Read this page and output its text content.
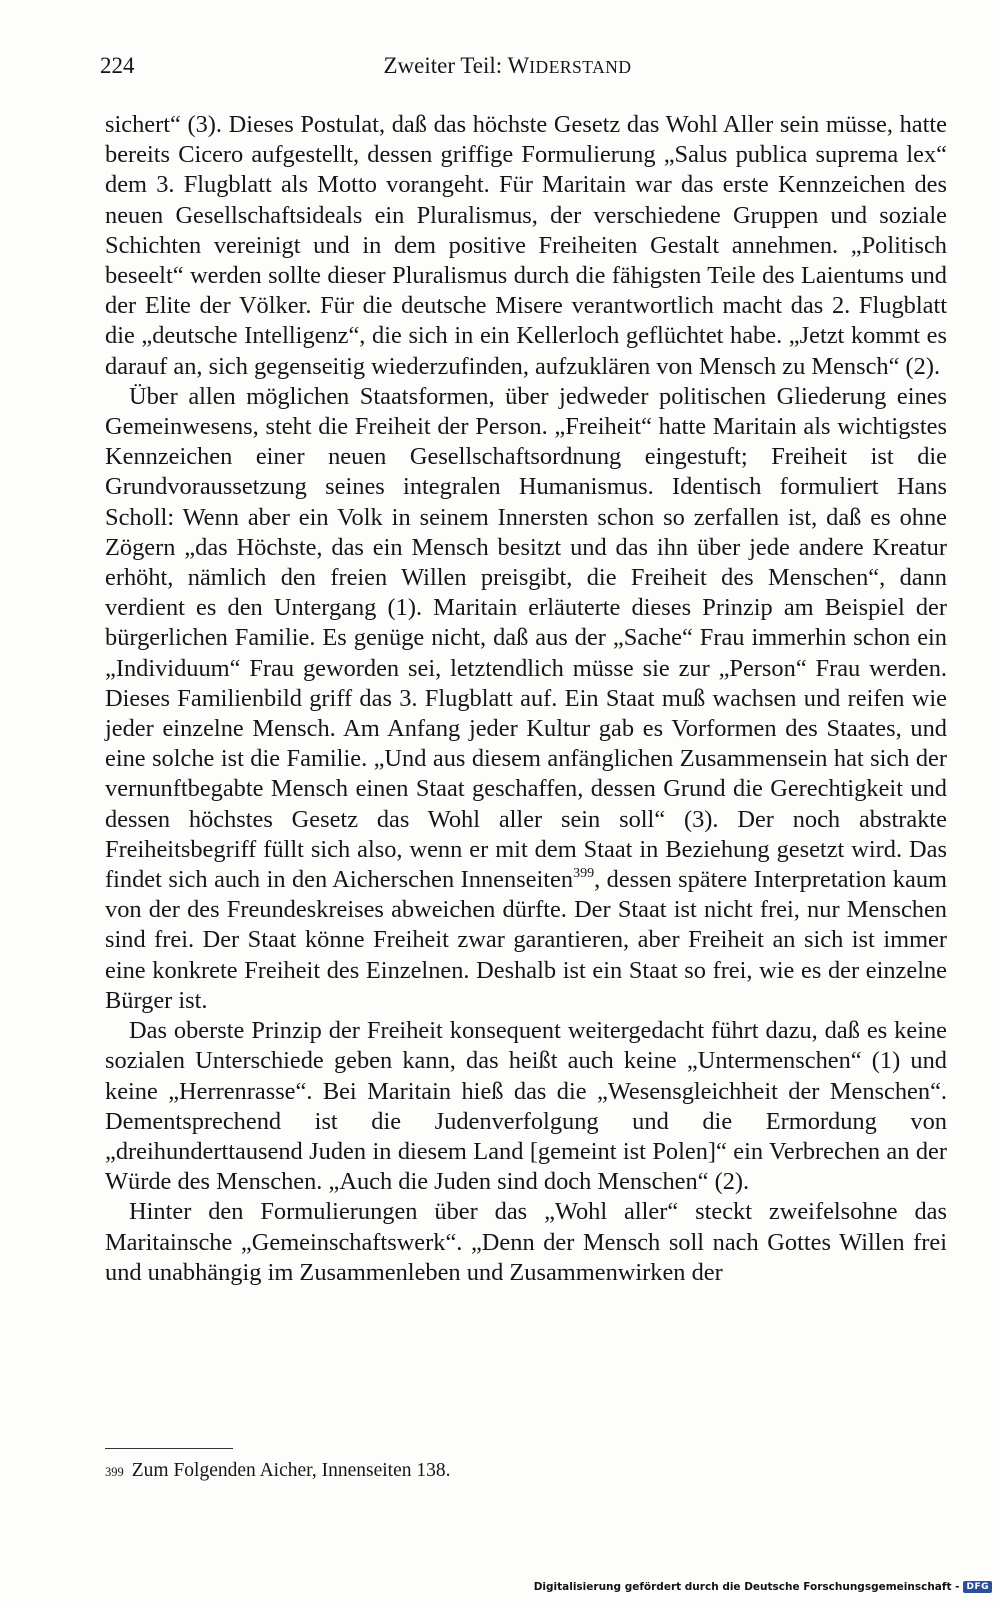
224	Zweiter Teil: WIDERSTAND

sichert“ (3). Dieses Postulat, daß das höchste Gesetz das Wohl Aller sein müsse, hatte bereits Cicero aufgestellt, dessen griffige Formulierung „Salus publica suprema lex“ dem 3. Flugblatt als Motto vorangeht. Für Maritain war das erste Kennzeichen des neuen Gesellschaftsideals ein Pluralismus, der verschiedene Gruppen und soziale Schichten vereinigt und in dem positive Freiheiten Gestalt annehmen. „Politisch beseelt“ werden sollte dieser Pluralismus durch die fähigsten Teile des Laientums und der Elite der Völker. Für die deutsche Misere verantwortlich macht das 2. Flugblatt die „deutsche Intelligenz“, die sich in ein Kellerloch geflüchtet habe. „Jetzt kommt es darauf an, sich gegenseitig wiederzufinden, aufzuklären von Mensch zu Mensch“ (2).

Über allen möglichen Staatsformen, über jedweder politischen Gliederung eines Gemeinwesens, steht die Freiheit der Person. „Freiheit“ hatte Maritain als wichtigstes Kennzeichen einer neuen Gesellschaftsordnung eingestuft; Freiheit ist die Grundvoraussetzung seines integralen Humanismus. Identisch formuliert Hans Scholl: Wenn aber ein Volk in seinem Innersten schon so zerfallen ist, daß es ohne Zögern „das Höchste, das ein Mensch besitzt und das ihn über jede andere Kreatur erhöht, nämlich den freien Willen preisgibt, die Freiheit des Menschen“, dann verdient es den Untergang (1). Maritain erläuterte dieses Prinzip am Beispiel der bürgerlichen Familie. Es genüge nicht, daß aus der „Sache“ Frau immerhin schon ein „Individuum“ Frau geworden sei, letztendlich müsse sie zur „Person“ Frau werden. Dieses Familienbild griff das 3. Flugblatt auf. Ein Staat muß wachsen und reifen wie jeder einzelne Mensch. Am Anfang jeder Kultur gab es Vorformen des Staates, und eine solche ist die Familie. „Und aus diesem anfänglichen Zusammensein hat sich der vernunftbegabte Mensch einen Staat geschaffen, dessen Grund die Gerechtigkeit und dessen höchstes Gesetz das Wohl aller sein soll“ (3). Der noch abstrakte Freiheitsbegriff füllt sich also, wenn er mit dem Staat in Beziehung gesetzt wird. Das findet sich auch in den Aicherschen Innenseiten$^{399}$, dessen spätere Interpretation kaum von der des Freundeskreises abweichen dürfte. Der Staat ist nicht frei, nur Menschen sind frei. Der Staat könne Freiheit zwar garantieren, aber Freiheit an sich ist immer eine konkrete Freiheit des Einzelnen. Deshalb ist ein Staat so frei, wie es der einzelne Bürger ist.

Das oberste Prinzip der Freiheit konsequent weitergedacht führt dazu, daß es keine sozialen Unterschiede geben kann, das heißt auch keine „Untermenschen“ (1) und keine „Herrenrasse“. Bei Maritain hieß das die „Wesensgleichheit der Menschen“. Dementsprechend ist die Judenverfolgung und die Ermordung von „dreihunderttausend Juden in diesem Land [gemeint ist Polen]“ ein Verbrechen an der Würde des Menschen. „Auch die Juden sind doch Menschen“ (2).

Hinter den Formulierungen über das „Wohl aller“ steckt zweifelsohne das Maritainsche „Gemeinschaftswerk“. „Denn der Mensch soll nach Gottes Willen frei und unabhängig im Zusammenleben und Zusammenwirken der

$^{399}$ Zum Folgenden Aicher, Innenseiten 138.
Digitalisierung gefördert durch die Deutsche Forschungsgemeinschaft - DFG
